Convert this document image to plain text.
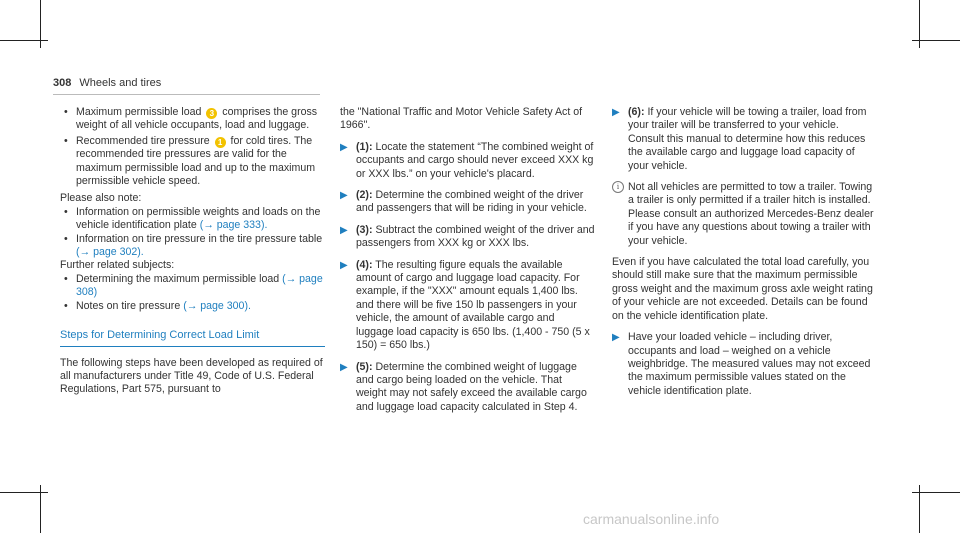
308 Wheels and tires
• Maximum permissible load 3 comprises the gross weight of all vehicle occupants, load and luggage.
• Recommended tire pressure 1 for cold tires. The recommended tire pressures are valid for the maximum permissible load and up to the maximum permissible vehicle speed.

Please also note:

• Information on permissible weights and loads on the vehicle identification plate (→ page 333).
• Information on tire pressure in the tire pressure table (→ page 302).

Further related subjects:

• Determining the maximum permissible load (→ page 308)
• Notes on tire pressure (→ page 300).
Steps for Determining Correct Load Limit

The following steps have been developed as required of all manufacturers under Title 49, Code of U.S. Federal Regulations, Part 575, pursuant to

the "National Traffic and Motor Vehicle Safety Act of 1966".

▶ (1): Locate the statement “The combined weight of occupants and cargo should never exceed XXX kg or XXX lbs.” on your vehicle's placard.
▶ (2): Determine the combined weight of the driver and passengers that will be riding in your vehicle.
▶ (3): Subtract the combined weight of the driver and passengers from XXX kg or XXX lbs.
▶ (4): The resulting figure equals the available amount of cargo and luggage load capacity. For example, if the "XXX" amount equals 1,400 lbs. and there will be five 150 lb passengers in your vehicle, the amount of available cargo and luggage load capacity is 650 lbs. (1,400 - 750 (5 x 150) = 650 lbs.)
▶ (5): Determine the combined weight of luggage and cargo being loaded on the vehicle. That weight may not safely exceed the available cargo and luggage load capacity calculated in Step 4.
▶ (6): If your vehicle will be towing a trailer, load from your trailer will be transferred to your vehicle. Consult this manual to determine how this reduces the available cargo and luggage load capacity of your vehicle.
i Not all vehicles are permitted to tow a trailer. Towing a trailer is only permitted if a trailer hitch is installed. Please consult an authorized Mercedes-Benz dealer if you have any questions about towing a trailer with your vehicle.

Even if you have calculated the total load carefully, you should still make sure that the maximum permissible gross weight and the maximum gross axle weight rating of your vehicle are not exceeded. Details can be found on the vehicle identification plate.

▶ Have your loaded vehicle – including driver, occupants and load – weighed on a vehicle weighbridge. The measured values may not exceed the maximum permissible values stated on the vehicle identification plate.
carmanualsonline.info
